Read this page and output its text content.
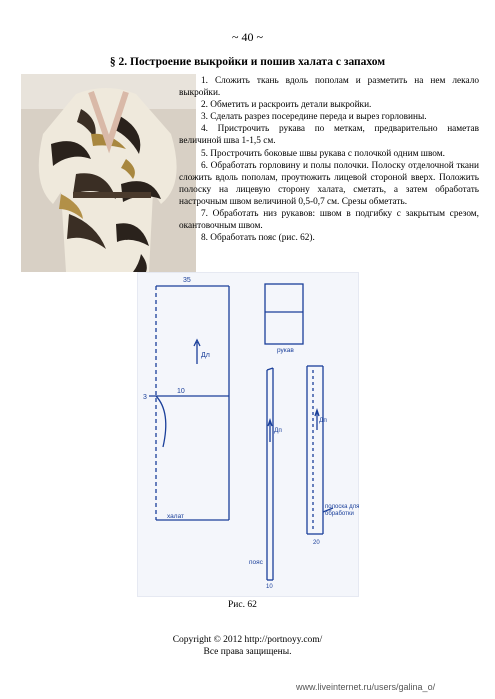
~ 40 ~
§ 2. Построение выкройки и пошив халата с запахом

1. Сложить ткань вдоль пополам и разметить на нем лекало выкройки.

2. Обметить и раскроить детали выкройки.

3. Сделать разрез посередине переда и вырез горловины.

4. Пристрочить рукава по меткам, предварительно наметав величиной шва 1-1,5 см.

5. Прострочить боковые швы рукава с полочкой одним швом.

6. Обработать горловину и полы полочки. Полоску отделочной ткани сложить вдоль пополам, проутюжить лицевой стороной вверх. Положить полоску на лицевую сторону халата, сметать, а затем обработать настрочным швом величиной 0,5-0,7 см. Срезы обметать.

7. Обработать низ рукавов: швом в подгибку с закрытым срезом, окантовочным швом.

8. Обработать пояс (рис. 62).

35
Дл
3
10
халат
рукав
Дп
пояс
10
Дп
20
полоска для обработки
Рис. 62
Copyright © 2012 http://portnoyy.com/
Все права защищены.
www.liveinternet.ru/users/galina_o/
